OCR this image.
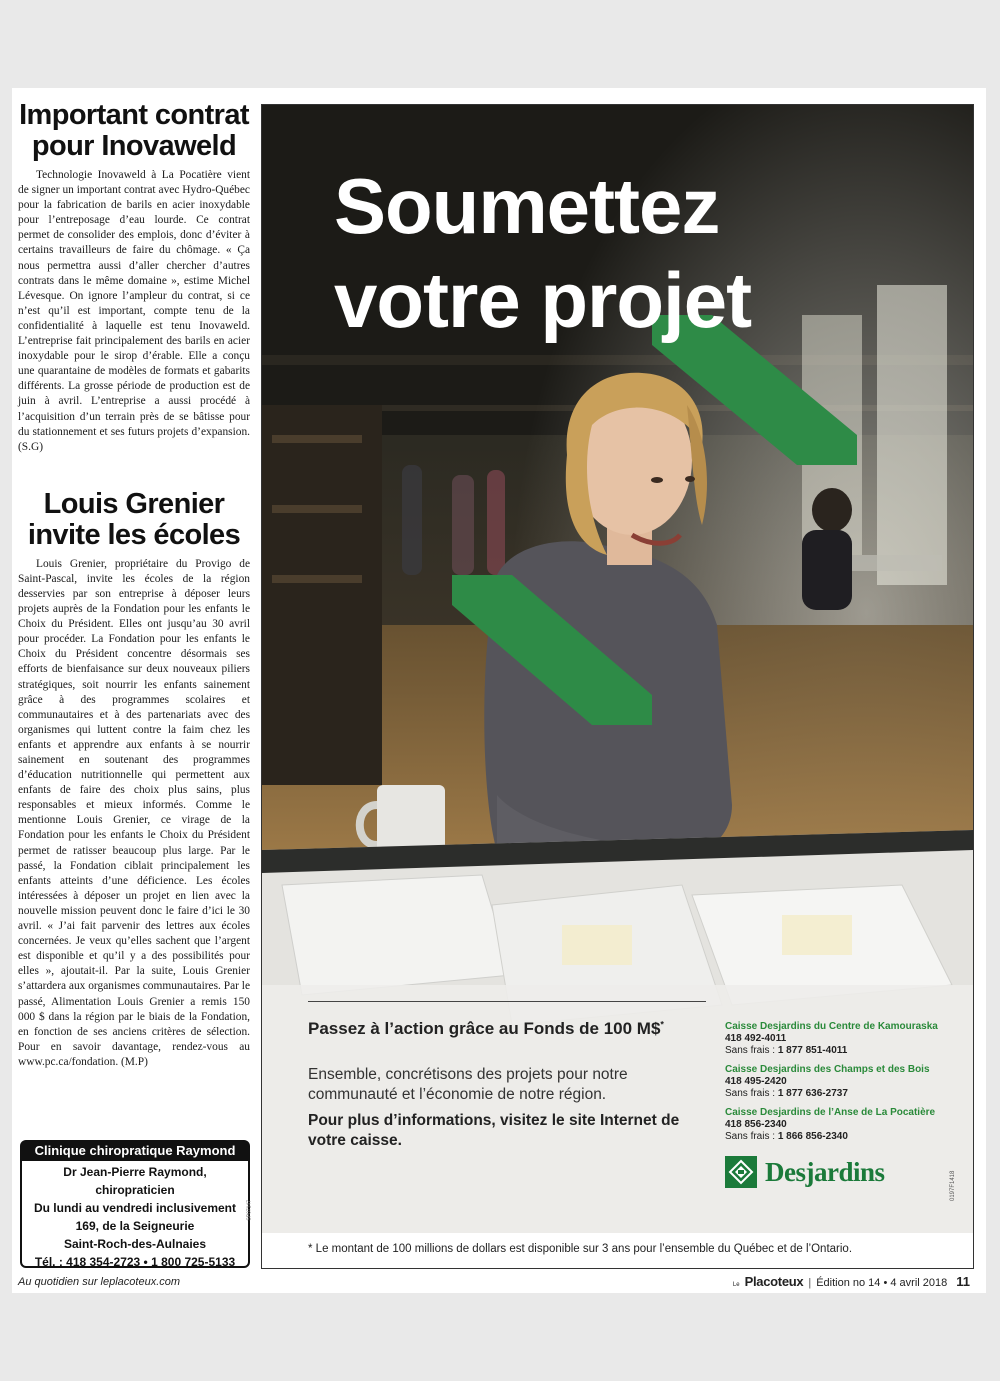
Important contrat
pour Inovaweld

Technologie Inovaweld à La Pocatière vient de signer un important contrat avec Hydro-Québec pour la fabrication de barils en acier inoxydable pour l’entreposage d’eau lourde. Ce contrat permet de consolider des emplois, donc d’éviter à certains travailleurs de faire du chômage. « Ça nous permettra aussi d’aller chercher d’autres contrats dans le même domaine », estime Michel Lévesque. On ignore l’ampleur du contrat, si ce n’est qu’il est important, compte tenu de la confidentialité à laquelle est tenu Inovaweld. L’entreprise fait principalement des barils en acier inoxydable pour le sirop d’érable. Elle a conçu une quarantaine de modèles de formats et gabarits différents. La grosse période de production est de juin à avril. L’entreprise a aussi procédé à l’acquisition d’un terrain près de se bâtisse pour du stationnement et ses futurs projets d’expansion. (S.G)

Louis Grenier
invite les écoles

Louis Grenier, propriétaire du Provigo de Saint-Pascal, invite les écoles de la région desservies par son entreprise à déposer leurs projets auprès de la Fondation pour les enfants le Choix du Président. Elles ont jusqu’au 30 avril pour procéder. La Fondation pour les enfants le Choix du Président concentre désormais ses efforts de bienfaisance sur deux nouveaux piliers stratégiques, soit nourrir les enfants sainement grâce à des programmes scolaires et communautaires et à des partenariats avec des organismes qui luttent contre la faim chez les enfants et apprendre aux enfants à se nourrir sainement en soutenant des programmes d’éducation nutritionnelle qui permettent aux enfants de faire des choix plus sains, plus responsables et mieux informés. Comme le mentionne Louis Grenier, ce virage de la Fondation pour les enfants le Choix du Président permet de ratisser beaucoup plus large. Par le passé, la Fondation ciblait principalement les enfants atteints d’une déficience. Les écoles intéressées à déposer un projet en lien avec la nouvelle mission peuvent donc le faire d’ici le 30 avril. « J’ai fait parvenir des lettres aux écoles concernées. Je veux qu’elles sachent que l’argent est disponible et qu’il y a des possibilités pour elles », ajoutait-il. Par la suite, Louis Grenier s’attardera aux organismes communautaires. Par le passé, Alimentation Louis Grenier a remis 150 000 $ dans la région par le biais de la Fondation, en fonction de ses anciens critères de sélection. Pour en savoir davantage, rendez-vous au www.pc.ca/fondation. (M.P)

Clinique chiropratique Raymond
Dr Jean-Pierre Raymond, chiropraticien
Du lundi au vendredi inclusivement
169, de la Seigneurie
Saint-Roch-des-Aulnaies
Tél. : 418 354-2723 • 1 800 725-5133
SP07147
Soumettez
votre projet

Passez à l’action grâce au Fonds de 100 M$*

Ensemble, concrétisons des projets pour notre communauté et l’économie de notre région.

Pour plus d’informations, visitez le site Internet de votre caisse.

Caisse Desjardins du Centre de Kamouraska
418 492-4011
Sans frais : 1 877 851-4011
Caisse Desjardins des Champs et des Bois
418 495-2420
Sans frais : 1 877 636-2737
Caisse Desjardins de l’Anse de La Pocatière
418 856-2340
Sans frais : 1 866 856-2340
Desjardins	0197F1418
* Le montant de 100 millions de dollars est disponible sur 3 ans pour l’ensemble du Québec et de l’Ontario.
Au quotidien sur leplacoteux.com	Le Placoteux | Édition no 14 • 4 avril 2018 11
